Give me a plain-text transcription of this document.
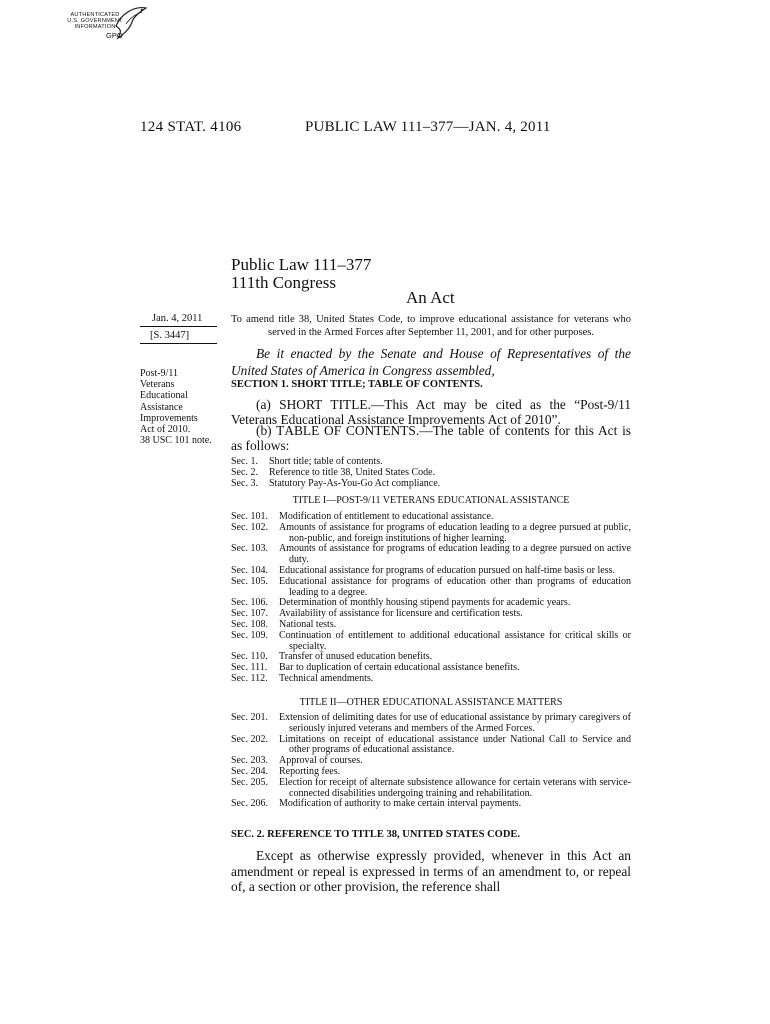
AUTHENTICATED
U.S. GOVERNMENT
INFORMATION
GPO
124 STAT. 4106	PUBLIC LAW 111–377—JAN. 4, 2011
Public Law 111–377
111th Congress
An Act
Jan. 4, 2011
[S. 3447]
Post-9/11
Veterans
Educational
Assistance
Improvements
Act of 2010.
38 USC 101 note.
To amend title 38, United States Code, to improve educational assistance for veterans who served in the Armed Forces after September 11, 2001, and for other purposes.
Be it enacted by the Senate and House of Representatives of the United States of America in Congress assembled,
SECTION 1. SHORT TITLE; TABLE OF CONTENTS.
(a) SHORT TITLE.—This Act may be cited as the “Post-9/11 Veterans Educational Assistance Improvements Act of 2010”.
(b) TABLE OF CONTENTS.—The table of contents for this Act is as follows:
Sec. 1.	Short title; table of contents.
Sec. 2.	Reference to title 38, United States Code.
Sec. 3.	Statutory Pay-As-You-Go Act compliance.
TITLE I—POST-9/11 VETERANS EDUCATIONAL ASSISTANCE
Sec. 101.	Modification of entitlement to educational assistance.
Sec. 102.	Amounts of assistance for programs of education leading to a degree pursued at public, non-public, and foreign institutions of higher learning.
Sec. 103.	Amounts of assistance for programs of education leading to a degree pursued on active duty.
Sec. 104.	Educational assistance for programs of education pursued on half-time basis or less.
Sec. 105.	Educational assistance for programs of education other than programs of education leading to a degree.
Sec. 106.	Determination of monthly housing stipend payments for academic years.
Sec. 107.	Availability of assistance for licensure and certification tests.
Sec. 108.	National tests.
Sec. 109.	Continuation of entitlement to additional educational assistance for critical skills or specialty.
Sec. 110.	Transfer of unused education benefits.
Sec. 111.	Bar to duplication of certain educational assistance benefits.
Sec. 112.	Technical amendments.
TITLE II—OTHER EDUCATIONAL ASSISTANCE MATTERS
Sec. 201.	Extension of delimiting dates for use of educational assistance by primary caregivers of seriously injured veterans and members of the Armed Forces.
Sec. 202.	Limitations on receipt of educational assistance under National Call to Service and other programs of educational assistance.
Sec. 203.	Approval of courses.
Sec. 204.	Reporting fees.
Sec. 205.	Election for receipt of alternate subsistence allowance for certain veterans with service-connected disabilities undergoing training and rehabilitation.
Sec. 206.	Modification of authority to make certain interval payments.
SEC. 2. REFERENCE TO TITLE 38, UNITED STATES CODE.
Except as otherwise expressly provided, whenever in this Act an amendment or repeal is expressed in terms of an amendment to, or repeal of, a section or other provision, the reference shall
